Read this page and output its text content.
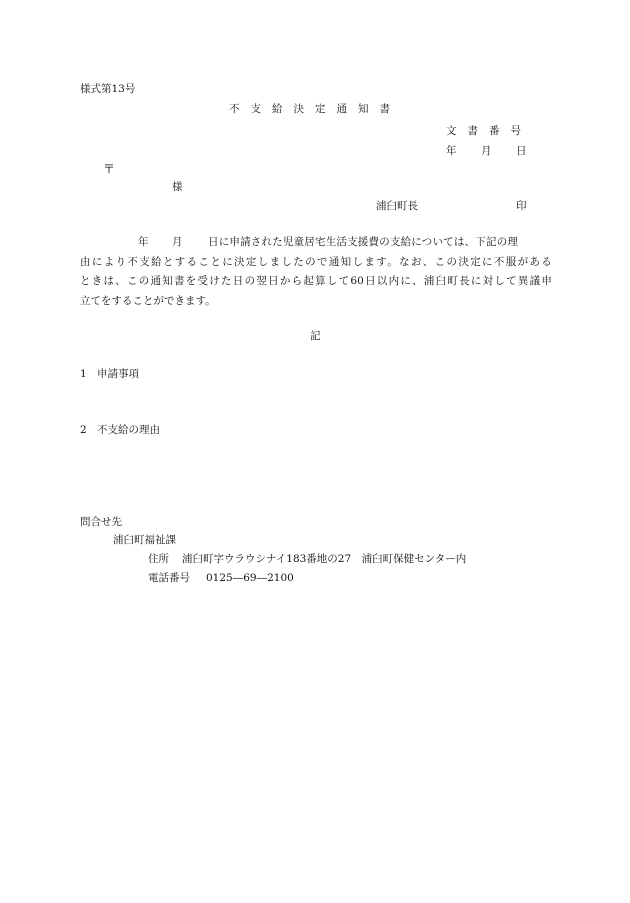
様式第13号
不支給決定通知書
文書番号
年 月 日
〒
様
浦臼町長	印
年 月 日に申請された児童居宅生活支援費の支給については、下記の理
由により不支給とすることに決定しましたので通知します。なお、この決定に不服がある
ときは、この通知書を受けた日の翌日から起算して60日以内に、浦臼町長に対して異議申
立てをすることができます。
記
1 申請事項
2 不支給の理由
問合せ先
浦臼町福祉課
住所 浦臼町字ウラウシナイ183番地の27　浦臼町保健センター内
電話番号 0125―69―2100
